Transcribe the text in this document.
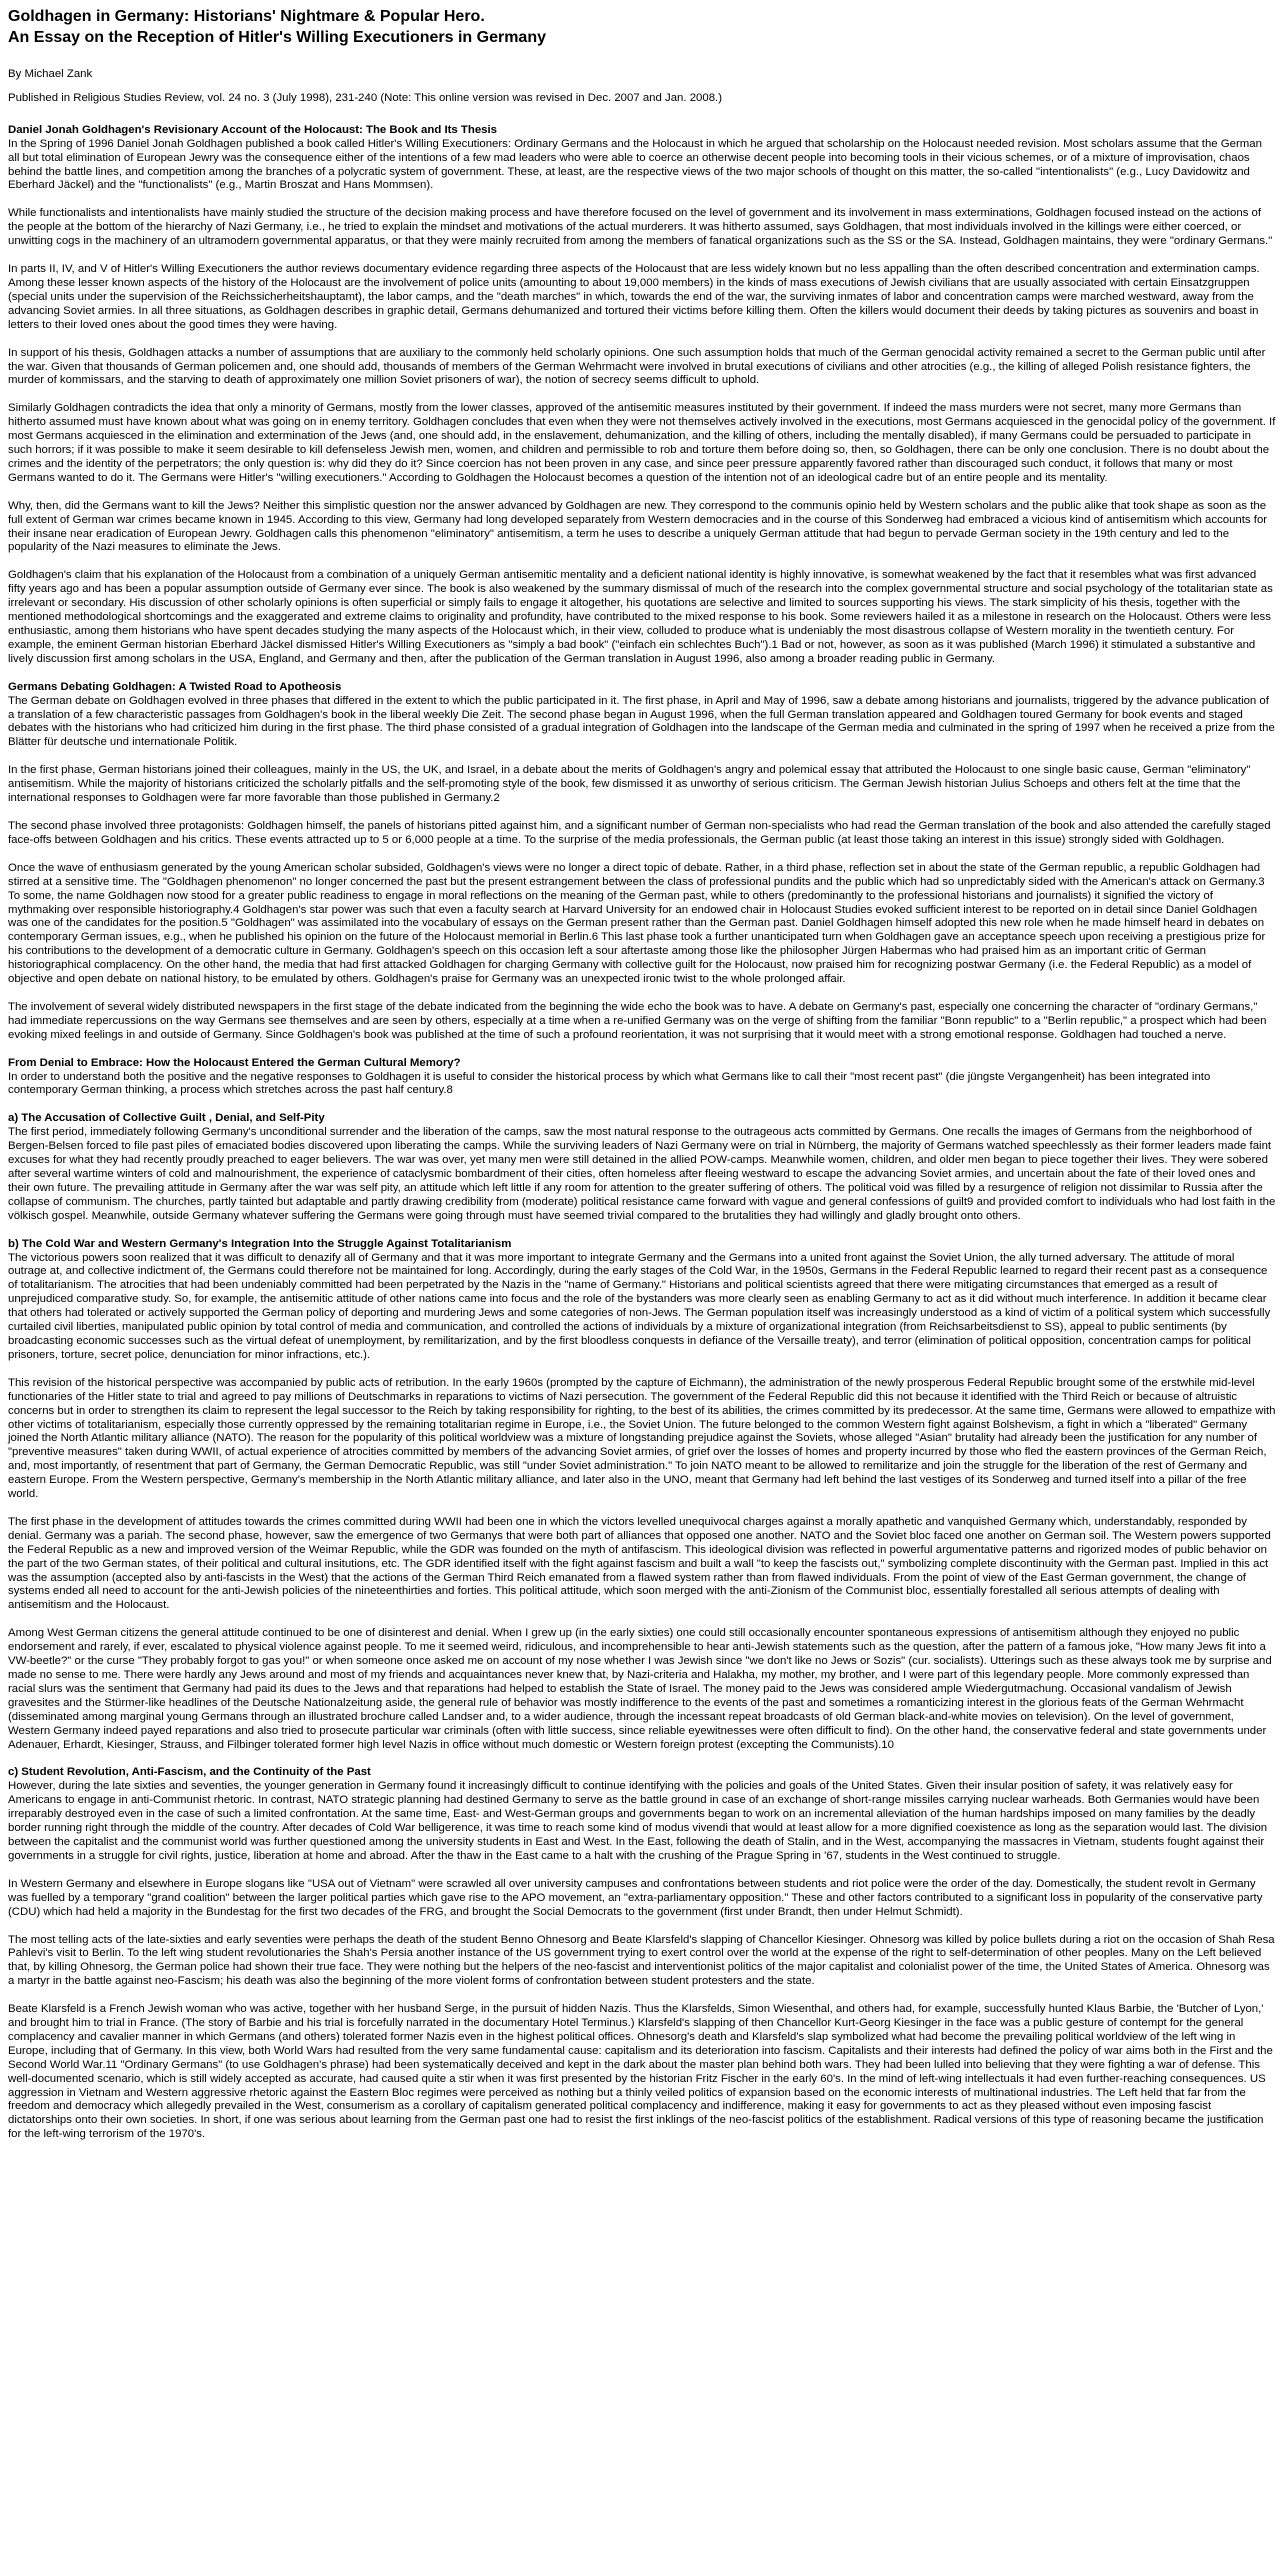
Goldhagen in Germany: Historians' Nightmare & Popular Hero.
An Essay on the Reception of Hitler's Willing Executioners in Germany

By Michael Zank

Published in Religious Studies Review, vol. 24 no. 3 (July 1998), 231-240 (Note: This online version was revised in Dec. 2007 and Jan. 2008.)

Daniel Jonah Goldhagen's Revisionary Account of the Holocaust: The Book and Its Thesis
In the Spring of 1996 Daniel Jonah Goldhagen published a book called Hitler's Willing Executioners: Ordinary Germans and the Holocaust in which he argued that scholarship on the Holocaust needed revision. Most scholars assume that the German all but total elimination of European Jewry was the consequence either of the intentions of a few mad leaders who were able to coerce an otherwise decent people into becoming tools in their vicious schemes, or of a mixture of improvisation, chaos behind the battle lines, and competition among the branches of a polycratic system of government. These, at least, are the respective views of the two major schools of thought on this matter, the so-called "intentionalists" (e.g., Lucy Davidowitz and Eberhard Jäckel) and the "functionalists" (e.g., Martin Broszat and Hans Mommsen).

While functionalists and intentionalists have mainly studied the structure of the decision making process and have therefore focused on the level of government and its involvement in mass exterminations, Goldhagen focused instead on the actions of the people at the bottom of the hierarchy of Nazi Germany, i.e., he tried to explain the mindset and motivations of the actual murderers. It was hitherto assumed, says Goldhagen, that most individuals involved in the killings were either coerced, or unwitting cogs in the machinery of an ultramodern governmental apparatus, or that they were mainly recruited from among the members of fanatical organizations such as the SS or the SA. Instead, Goldhagen maintains, they were "ordinary Germans."

In parts II, IV, and V of Hitler's Willing Executioners the author reviews documentary evidence regarding three aspects of the Holocaust that are less widely known but no less appalling than the often described concentration and extermination camps. Among these lesser known aspects of the history of the Holocaust are the involvement of police units (amounting to about 19,000 members) in the kinds of mass executions of Jewish civilians that are usually associated with certain Einsatzgruppen (special units under the supervision of the Reichssicherheitshauptamt), the labor camps, and the "death marches" in which, towards the end of the war, the surviving inmates of labor and concentration camps were marched westward, away from the advancing Soviet armies. In all three situations, as Goldhagen describes in graphic detail, Germans dehumanized and tortured their victims before killing them. Often the killers would document their deeds by taking pictures as souvenirs and boast in letters to their loved ones about the good times they were having.

In support of his thesis, Goldhagen attacks a number of assumptions that are auxiliary to the commonly held scholarly opinions. One such assumption holds that much of the German genocidal activity remained a secret to the German public until after the war. Given that thousands of German policemen and, one should add, thousands of members of the German Wehrmacht were involved in brutal executions of civilians and other atrocities (e.g., the killing of alleged Polish resistance fighters, the murder of kommissars, and the starving to death of approximately one million Soviet prisoners of war), the notion of secrecy seems difficult to uphold.

Similarly Goldhagen contradicts the idea that only a minority of Germans, mostly from the lower classes, approved of the antisemitic measures instituted by their government. If indeed the mass murders were not secret, many more Germans than hitherto assumed must have known about what was going on in enemy territory. Goldhagen concludes that even when they were not themselves actively involved in the executions, most Germans acquiesced in the genocidal policy of the government. If most Germans acquiesced in the elimination and extermination of the Jews (and, one should add, in the enslavement, dehumanization, and the killing of others, including the mentally disabled), if many Germans could be persuaded to participate in such horrors; if it was possible to make it seem desirable to kill defenseless Jewish men, women, and children and permissible to rob and torture them before doing so, then, so Goldhagen, there can be only one conclusion. There is no doubt about the crimes and the identity of the perpetrators; the only question is: why did they do it? Since coercion has not been proven in any case, and since peer pressure apparently favored rather than discouraged such conduct, it follows that many or most Germans wanted to do it. The Germans were Hitler's "willing executioners." According to Goldhagen the Holocaust becomes a question of the intention not of an ideological cadre but of an entire people and its mentality.

Why, then, did the Germans want to kill the Jews? Neither this simplistic question nor the answer advanced by Goldhagen are new. They correspond to the communis opinio held by Western scholars and the public alike that took shape as soon as the full extent of German war crimes became known in 1945. According to this view, Germany had long developed separately from Western democracies and in the course of this Sonderweg had embraced a vicious kind of antisemitism which accounts for their insane near eradication of European Jewry. Goldhagen calls this phenomenon "eliminatory" antisemitism, a term he uses to describe a uniquely German attitude that had begun to pervade German society in the 19th century and led to the popularity of the Nazi measures to eliminate the Jews.

Goldhagen's claim that his explanation of the Holocaust from a combination of a uniquely German antisemitic mentality and a deficient national identity is highly innovative, is somewhat weakened by the fact that it resembles what was first advanced fifty years ago and has been a popular assumption outside of Germany ever since. The book is also weakened by the summary dismissal of much of the research into the complex governmental structure and social psychology of the totalitarian state as irrelevant or secondary. His discussion of other scholarly opinions is often superficial or simply fails to engage it altogether, his quotations are selective and limited to sources supporting his views. The stark simplicity of his thesis, together with the mentioned methodological shortcomings and the exaggerated and extreme claims to originality and profundity, have contributed to the mixed response to his book. Some reviewers hailed it as a milestone in research on the Holocaust. Others were less enthusiastic, among them historians who have spent decades studying the many aspects of the Holocaust which, in their view, colluded to produce what is undeniably the most disastrous collapse of Western morality in the twentieth century. For example, the eminent German historian Eberhard Jäckel dismissed Hitler's Willing Executioners as "simply a bad book" ("einfach ein schlechtes Buch").1 Bad or not, however, as soon as it was published (March 1996) it stimulated a substantive and lively discussion first among scholars in the USA, England, and Germany and then, after the publication of the German translation in August 1996, also among a broader reading public in Germany.

Germans Debating Goldhagen: A Twisted Road to Apotheosis
The German debate on Goldhagen evolved in three phases that differed in the extent to which the public participated in it. The first phase, in April and May of 1996, saw a debate among historians and journalists, triggered by the advance publication of a translation of a few characteristic passages from Goldhagen's book in the liberal weekly Die Zeit. The second phase began in August 1996, when the full German translation appeared and Goldhagen toured Germany for book events and staged debates with the historians who had criticized him during in the first phase. The third phase consisted of a gradual integration of Goldhagen into the landscape of the German media and culminated in the spring of 1997 when he received a prize from the Blätter für deutsche und internationale Politik.

In the first phase, German historians joined their colleagues, mainly in the US, the UK, and Israel, in a debate about the merits of Goldhagen's angry and polemical essay that attributed the Holocaust to one single basic cause, German "eliminatory" antisemitism. While the majority of historians criticized the scholarly pitfalls and the self-promoting style of the book, few dismissed it as unworthy of serious criticism. The German Jewish historian Julius Schoeps and others felt at the time that the international responses to Goldhagen were far more favorable than those published in Germany.2

The second phase involved three protagonists: Goldhagen himself, the panels of historians pitted against him, and a significant number of German non-specialists who had read the German translation of the book and also attended the carefully staged face-offs between Goldhagen and his critics. These events attracted up to 5 or 6,000 people at a time. To the surprise of the media professionals, the German public (at least those taking an interest in this issue) strongly sided with Goldhagen.

Once the wave of enthusiasm generated by the young American scholar subsided, Goldhagen's views were no longer a direct topic of debate. Rather, in a third phase, reflection set in about the state of the German republic, a republic Goldhagen had stirred at a sensitive time. The "Goldhagen phenomenon" no longer concerned the past but the present estrangement between the class of professional pundits and the public which had so unpredictably sided with the American's attack on Germany.3 To some, the name Goldhagen now stood for a greater public readiness to engage in moral reflections on the meaning of the German past, while to others (predominantly to the professional historians and journalists) it signified the victory of mythmaking over responsible historiography.4 Goldhagen's star power was such that even a faculty search at Harvard University for an endowed chair in Holocaust Studies evoked sufficient interest to be reported on in detail since Daniel Goldhagen was one of the candidates for the position.5 "Goldhagen" was assimilated into the vocabulary of essays on the German present rather than the German past. Daniel Goldhagen himself adopted this new role when he made himself heard in debates on contemporary German issues, e.g., when he published his opinion on the future of the Holocaust memorial in Berlin.6 This last phase took a further unanticipated turn when Goldhagen gave an acceptance speech upon receiving a prestigious prize for his contributions to the development of a democratic culture in Germany. Goldhagen's speech on this occasion left a sour aftertaste among those like the philosopher Jürgen Habermas who had praised him as an important critic of German historiographical complacency. On the other hand, the media that had first attacked Goldhagen for charging Germany with collective guilt for the Holocaust, now praised him for recognizing postwar Germany (i.e. the Federal Republic) as a model of objective and open debate on national history, to be emulated by others. Goldhagen's praise for Germany was an unexpected ironic twist to the whole prolonged affair.

The involvement of several widely distributed newspapers in the first stage of the debate indicated from the beginning the wide echo the book was to have. A debate on Germany's past, especially one concerning the character of "ordinary Germans," had immediate repercussions on the way Germans see themselves and are seen by others, especially at a time when a re-unified Germany was on the verge of shifting from the familiar "Bonn republic" to a "Berlin republic," a prospect which had been evoking mixed feelings in and outside of Germany. Since Goldhagen's book was published at the time of such a profound reorientation, it was not surprising that it would meet with a strong emotional response. Goldhagen had touched a nerve.

From Denial to Embrace: How the Holocaust Entered the German Cultural Memory?
In order to understand both the positive and the negative responses to Goldhagen it is useful to consider the historical process by which what Germans like to call their "most recent past" (die jüngste Vergangenheit) has been integrated into contemporary German thinking, a process which stretches across the past half century.8

a) The Accusation of Collective Guilt , Denial, and Self-Pity
The first period, immediately following Germany's unconditional surrender and the liberation of the camps, saw the most natural response to the outrageous acts committed by Germans. One recalls the images of Germans from the neighborhood of Bergen-Belsen forced to file past piles of emaciated bodies discovered upon liberating the camps. While the surviving leaders of Nazi Germany were on trial in Nürnberg, the majority of Germans watched speechlessly as their former leaders made faint excuses for what they had recently proudly preached to eager believers. The war was over, yet many men were still detained in the allied POW-camps. Meanwhile women, children, and older men began to piece together their lives. They were sobered after several wartime winters of cold and malnourishment, the experience of cataclysmic bombardment of their cities, often homeless after fleeing westward to escape the advancing Soviet armies, and uncertain about the fate of their loved ones and their own future. The prevailing attitude in Germany after the war was self pity, an attitude which left little if any room for attention to the greater suffering of others. The political void was filled by a resurgence of religion not dissimilar to Russia after the collapse of communism. The churches, partly tainted but adaptable and partly drawing credibility from (moderate) political resistance came forward with vague and general confessions of guilt9 and provided comfort to individuals who had lost faith in the völkisch gospel. Meanwhile, outside Germany whatever suffering the Germans were going through must have seemed trivial compared to the brutalities they had willingly and gladly brought onto others.

b) The Cold War and Western Germany's Integration Into the Struggle Against Totalitarianism
The victorious powers soon realized that it was difficult to denazify all of Germany and that it was more important to integrate Germany and the Germans into a united front against the Soviet Union, the ally turned adversary. The attitude of moral outrage at, and collective indictment of, the Germans could therefore not be maintained for long. Accordingly, during the early stages of the Cold War, in the 1950s, Germans in the Federal Republic learned to regard their recent past as a consequence of totalitarianism. The atrocities that had been undeniably committed had been perpetrated by the Nazis in the "name of Germany." Historians and political scientists agreed that there were mitigating circumstances that emerged as a result of unprejudiced comparative study. So, for example, the antisemitic attitude of other nations came into focus and the role of the bystanders was more clearly seen as enabling Germany to act as it did without much interference. In addition it became clear that others had tolerated or actively supported the German policy of deporting and murdering Jews and some categories of non-Jews. The German population itself was increasingly understood as a kind of victim of a political system which successfully curtailed civil liberties, manipulated public opinion by total control of media and communication, and controlled the actions of individuals by a mixture of organizational integration (from Reichsarbeitsdienst to SS), appeal to public sentiments (by broadcasting economic successes such as the virtual defeat of unemployment, by remilitarization, and by the first bloodless conquests in defiance of the Versaille treaty), and terror (elimination of political opposition, concentration camps for political prisoners, torture, secret police, denunciation for minor infractions, etc.).

This revision of the historical perspective was accompanied by public acts of retribution. In the early 1960s (prompted by the capture of Eichmann), the administration of the newly prosperous Federal Republic brought some of the erstwhile mid-level functionaries of the Hitler state to trial and agreed to pay millions of Deutschmarks in reparations to victims of Nazi persecution. The government of the Federal Republic did this not because it identified with the Third Reich or because of altruistic concerns but in order to strengthen its claim to represent the legal successor to the Reich by taking responsibility for righting, to the best of its abilities, the crimes committed by its predecessor. At the same time, Germans were allowed to empathize with other victims of totalitarianism, especially those currently oppressed by the remaining totalitarian regime in Europe, i.e., the Soviet Union. The future belonged to the common Western fight against Bolshevism, a fight in which a "liberated" Germany joined the North Atlantic military alliance (NATO). The reason for the popularity of this political worldview was a mixture of longstanding prejudice against the Soviets, whose alleged "Asian" brutality had already been the justification for any number of "preventive measures" taken during WWII, of actual experience of atrocities committed by members of the advancing Soviet armies, of grief over the losses of homes and property incurred by those who fled the eastern provinces of the German Reich, and, most importantly, of resentment that part of Germany, the German Democratic Republic, was still "under Soviet administration." To join NATO meant to be allowed to remilitarize and join the struggle for the liberation of the rest of Germany and eastern Europe. From the Western perspective, Germany's membership in the North Atlantic military alliance, and later also in the UNO, meant that Germany had left behind the last vestiges of its Sonderweg and turned itself into a pillar of the free world.

The first phase in the development of attitudes towards the crimes committed during WWII had been one in which the victors levelled unequivocal charges against a morally apathetic and vanquished Germany which, understandably, responded by denial. Germany was a pariah. The second phase, however, saw the emergence of two Germanys that were both part of alliances that opposed one another. NATO and the Soviet bloc faced one another on German soil. The Western powers supported the Federal Republic as a new and improved version of the Weimar Republic, while the GDR was founded on the myth of antifascism. This ideological division was reflected in powerful argumentative patterns and rigorized modes of public behavior on the part of the two German states, of their political and cultural insitutions, etc. The GDR identified itself with the fight against fascism and built a wall "to keep the fascists out," symbolizing complete discontinuity with the German past. Implied in this act was the assumption (accepted also by anti-fascists in the West) that the actions of the German Third Reich emanated from a flawed system rather than from flawed individuals. From the point of view of the East German government, the change of systems ended all need to account for the anti-Jewish policies of the nineteenthirties and forties. This political attitude, which soon merged with the anti-Zionism of the Communist bloc, essentially forestalled all serious attempts of dealing with antisemitism and the Holocaust.

Among West German citizens the general attitude continued to be one of disinterest and denial. When I grew up (in the early sixties) one could still occasionally encounter spontaneous expressions of antisemitism although they enjoyed no public endorsement and rarely, if ever, escalated to physical violence against people. To me it seemed weird, ridiculous, and incomprehensible to hear anti-Jewish statements such as the question, after the pattern of a famous joke, "How many Jews fit into a VW-beetle?" or the curse "They probably forgot to gas you!" or when someone once asked me on account of my nose whether I was Jewish since "we don't like no Jews or Sozis" (cur. socialists). Utterings such as these always took me by surprise and made no sense to me. There were hardly any Jews around and most of my friends and acquaintances never knew that, by Nazi-criteria and Halakha, my mother, my brother, and I were part of this legendary people. More commonly expressed than racial slurs was the sentiment that Germany had paid its dues to the Jews and that reparations had helped to establish the State of Israel. The money paid to the Jews was considered ample Wiedergutmachung. Occasional vandalism of Jewish gravesites and the Stürmer-like headlines of the Deutsche Nationalzeitung aside, the general rule of behavior was mostly indifference to the events of the past and sometimes a romanticizing interest in the glorious feats of the German Wehrmacht (disseminated among marginal young Germans through an illustrated brochure called Landser and, to a wider audience, through the incessant repeat broadcasts of old German black-and-white movies on television). On the level of government, Western Germany indeed payed reparations and also tried to prosecute particular war criminals (often with little success, since reliable eyewitnesses were often difficult to find). On the other hand, the conservative federal and state governments under Adenauer, Erhardt, Kiesinger, Strauss, and Filbinger tolerated former high level Nazis in office without much domestic or Western foreign protest (excepting the Communists).10

c) Student Revolution, Anti-Fascism, and the Continuity of the Past
However, during the late sixties and seventies, the younger generation in Germany found it increasingly difficult to continue identifying with the policies and goals of the United States. Given their insular position of safety, it was relatively easy for Americans to engage in anti-Communist rhetoric. In contrast, NATO strategic planning had destined Germany to serve as the battle ground in case of an exchange of short-range missiles carrying nuclear warheads. Both Germanies would have been irreparably destroyed even in the case of such a limited confrontation. At the same time, East- and West-German groups and governments began to work on an incremental alleviation of the human hardships imposed on many families by the deadly border running right through the middle of the country. After decades of Cold War belligerence, it was time to reach some kind of modus vivendi that would at least allow for a more dignified coexistence as long as the separation would last. The division between the capitalist and the communist world was further questioned among the university students in East and West. In the East, following the death of Stalin, and in the West, accompanying the massacres in Vietnam, students fought against their governments in a struggle for civil rights, justice, liberation at home and abroad. After the thaw in the East came to a halt with the crushing of the Prague Spring in '67, students in the West continued to struggle.

In Western Germany and elsewhere in Europe slogans like "USA out of Vietnam" were scrawled all over university campuses and confrontations between students and riot police were the order of the day. Domestically, the student revolt in Germany was fuelled by a temporary "grand coalition" between the larger political parties which gave rise to the APO movement, an "extra-parliamentary opposition." These and other factors contributed to a significant loss in popularity of the conservative party (CDU) which had held a majority in the Bundestag for the first two decades of the FRG, and brought the Social Democrats to the government (first under Brandt, then under Helmut Schmidt).

The most telling acts of the late-sixties and early seventies were perhaps the death of the student Benno Ohnesorg and Beate Klarsfeld's slapping of Chancellor Kiesinger. Ohnesorg was killed by police bullets during a riot on the occasion of Shah Resa Pahlevi's visit to Berlin. To the left wing student revolutionaries the Shah's Persia another instance of the US government trying to exert control over the world at the expense of the right to self-determination of other peoples. Many on the Left believed that, by killing Ohnesorg, the German police had shown their true face. They were nothing but the helpers of the neo-fascist and interventionist politics of the major capitalist and colonialist power of the time, the United States of America. Ohnesorg was a martyr in the battle against neo-Fascism; his death was also the beginning of the more violent forms of confrontation between student protesters and the state.

Beate Klarsfeld is a French Jewish woman who was active, together with her husband Serge, in the pursuit of hidden Nazis. Thus the Klarsfelds, Simon Wiesenthal, and others had, for example, successfully hunted Klaus Barbie, the 'Butcher of Lyon,' and brought him to trial in France. (The story of Barbie and his trial is forcefully narrated in the documentary Hotel Terminus.) Klarsfeld's slapping of then Chancellor Kurt-Georg Kiesinger in the face was a public gesture of contempt for the general complacency and cavalier manner in which Germans (and others) tolerated former Nazis even in the highest political offices. Ohnesorg's death and Klarsfeld's slap symbolized what had become the prevailing political worldview of the left wing in Europe, including that of Germany. In this view, both World Wars had resulted from the very same fundamental cause: capitalism and its deterioration into fascism. Capitalists and their interests had defined the policy of war aims both in the First and the Second World War.11 "Ordinary Germans" (to use Goldhagen's phrase) had been systematically deceived and kept in the dark about the master plan behind both wars. They had been lulled into believing that they were fighting a war of defense. This well-documented scenario, which is still widely accepted as accurate, had caused quite a stir when it was first presented by the historian Fritz Fischer in the early 60's. In the mind of left-wing intellectuals it had even further-reaching consequences. US aggression in Vietnam and Western aggressive rhetoric against the Eastern Bloc regimes were perceived as nothing but a thinly veiled politics of expansion based on the economic interests of multinational industries. The Left held that far from the freedom and democracy which allegedly prevailed in the West, consumerism as a corollary of capitalism generated political complacency and indifference, making it easy for governments to act as they pleased without even imposing fascist dictatorships onto their own societies. In short, if one was serious about learning from the German past one had to resist the first inklings of the neo-fascist politics of the establishment. Radical versions of this type of reasoning became the justification for the left-wing terrorism of the 1970's.
